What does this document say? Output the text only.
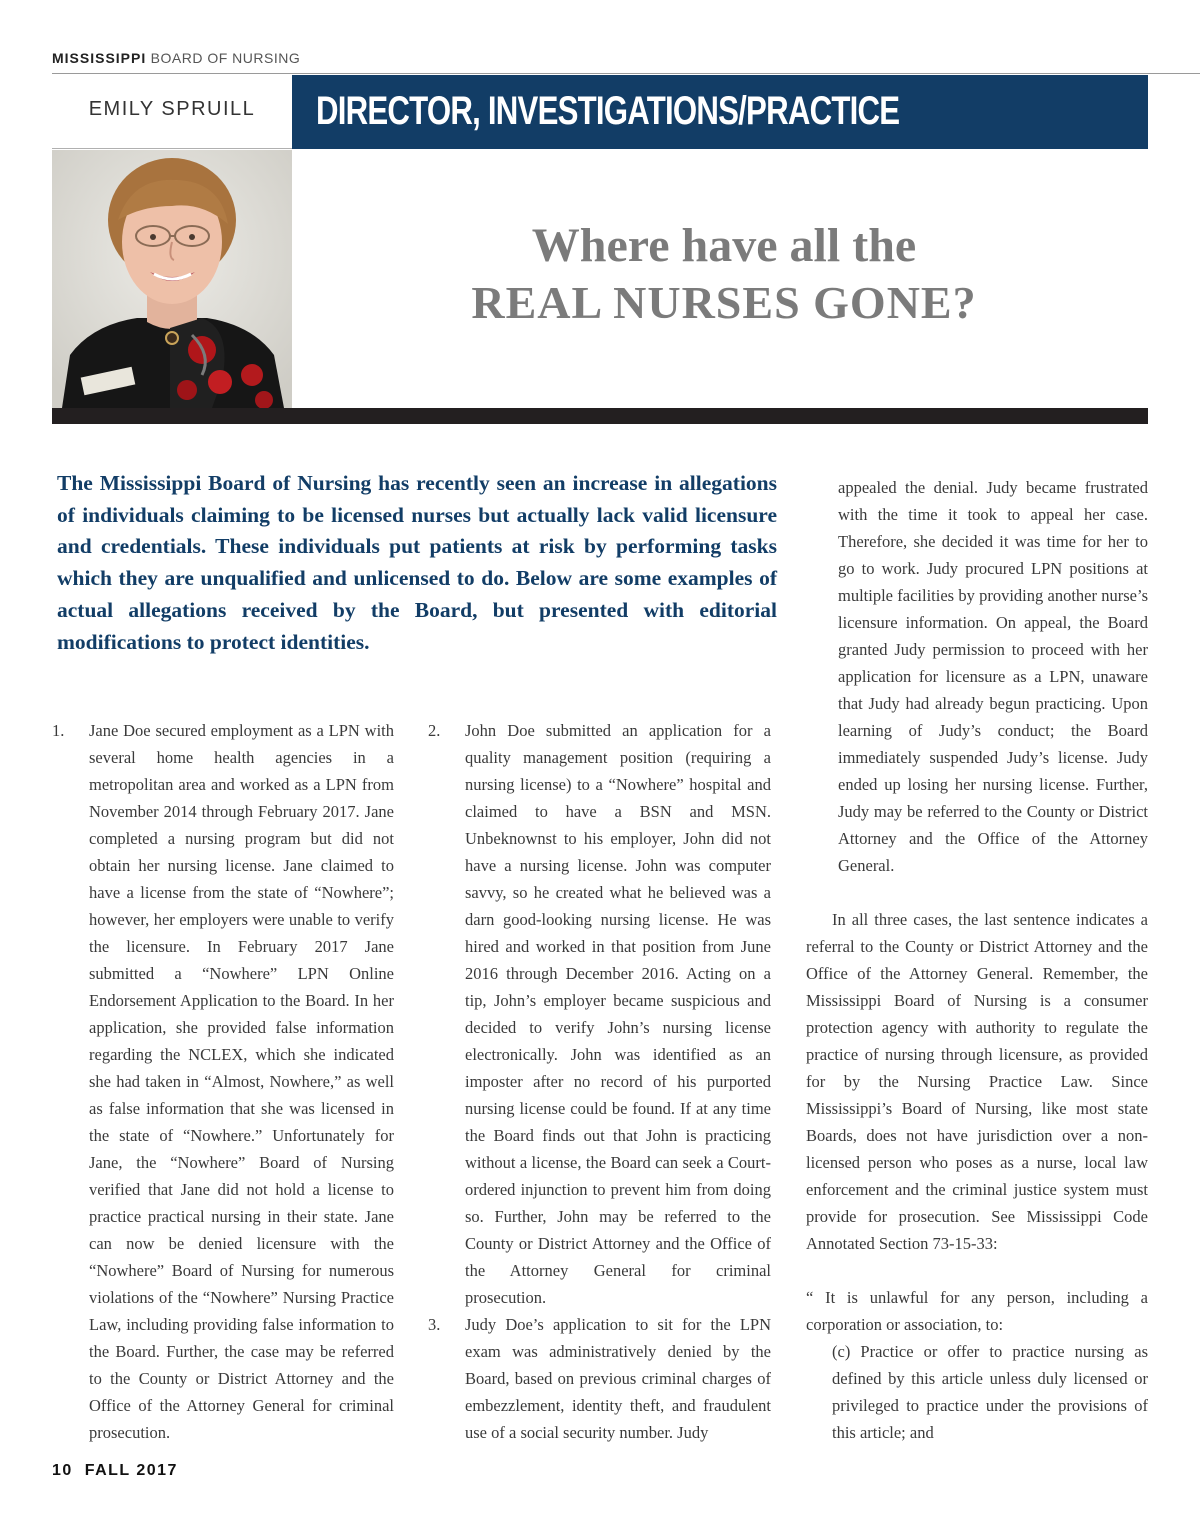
MISSISSIPPI BOARD OF NURSING
EMILY SPRUILL	DIRECTOR, INVESTIGATIONS/PRACTICE
Where have all the
REAL NURSES GONE?
The Mississippi Board of Nursing has recently seen an increase in allegations of individuals claiming to be licensed nurses but actually lack valid licensure and credentials. These individuals put patients at risk by performing tasks which they are unqualified and unlicensed to do. Below are some examples of actual allegations received by the Board, but presented with editorial modifications to protect identities.
1. Jane Doe secured employment as a LPN with several home health agencies in a metropolitan area and worked as a LPN from November 2014 through February 2017. Jane completed a nursing program but did not obtain her nursing license. Jane claimed to have a license from the state of “Nowhere”; however, her employers were unable to verify the licensure. In February 2017 Jane submitted a “Nowhere” LPN Online Endorsement Application to the Board. In her application, she provided false information regarding the NCLEX, which she indicated she had taken in “Almost, Nowhere,” as well as false information that she was licensed in the state of “Nowhere.” Unfortunately for Jane, the “Nowhere” Board of Nursing verified that Jane did not hold a license to practice practical nursing in their state. Jane can now be denied licensure with the “Nowhere” Board of Nursing for numerous violations of the “Nowhere” Nursing Practice Law, including providing false information to the Board. Further, the case may be referred to the County or District Attorney and the Office of the Attorney General for criminal prosecution.
2. John Doe submitted an application for a quality management position (requiring a nursing license) to a “Nowhere” hospital and claimed to have a BSN and MSN. Unbeknownst to his employer, John did not have a nursing license. John was computer savvy, so he created what he believed was a darn good-looking nursing license. He was hired and worked in that position from June 2016 through December 2016. Acting on a tip, John’s employer became suspicious and decided to verify John’s nursing license electronically. John was identified as an imposter after no record of his purported nursing license could be found. If at any time the Board finds out that John is practicing without a license, the Board can seek a Court-ordered injunction to prevent him from doing so. Further, John may be referred to the County or District Attorney and the Office of the Attorney General for criminal prosecution.
3. Judy Doe’s application to sit for the LPN exam was administratively denied by the Board, based on previous criminal charges of embezzlement, identity theft, and fraudulent use of a social security number. Judy
appealed the denial. Judy became frustrated with the time it took to appeal her case. Therefore, she decided it was time for her to go to work. Judy procured LPN positions at multiple facilities by providing another nurse’s licensure information. On appeal, the Board granted Judy permission to proceed with her application for licensure as a LPN, unaware that Judy had already begun practicing. Upon learning of Judy’s conduct; the Board immediately suspended Judy’s license. Judy ended up losing her nursing license. Further, Judy may be referred to the County or District Attorney and the Office of the Attorney General.
In all three cases, the last sentence indicates a referral to the County or District Attorney and the Office of the Attorney General. Remember, the Mississippi Board of Nursing is a consumer protection agency with authority to regulate the practice of nursing through licensure, as provided for by the Nursing Practice Law. Since Mississippi’s Board of Nursing, like most state Boards, does not have jurisdiction over a non-licensed person who poses as a nurse, local law enforcement and the criminal justice system must provide for prosecution. See Mississippi Code Annotated Section 73-15-33:
“ It is unlawful for any person, including a corporation or association, to:
(c) Practice or offer to practice nursing as defined by this article unless duly licensed or privileged to practice under the provisions of this article; and
10 FALL 2017
